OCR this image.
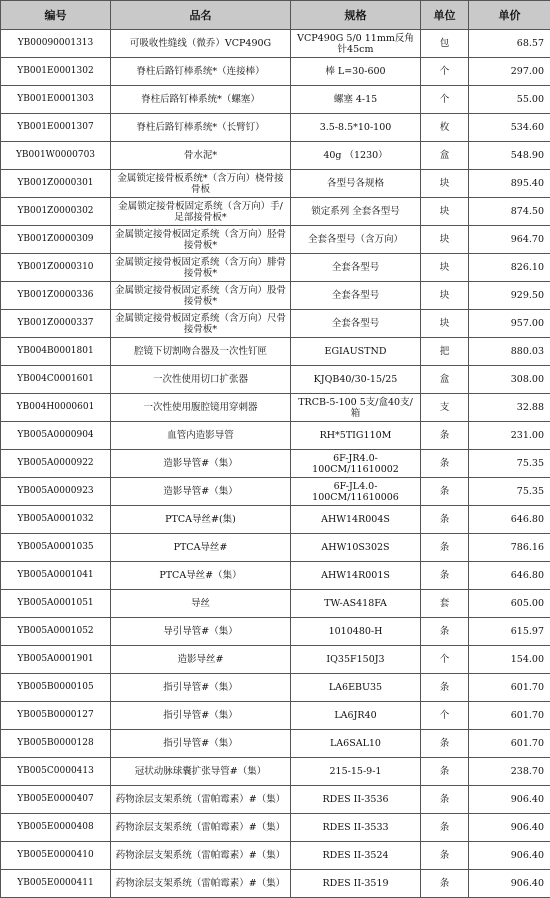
编号	品名	规格	单位	单价
YB00090001313	可吸收性缝线（微乔）VCP490G	VCP490G 5/0 11mm反角针45cm	包	68.57
YB001E0001302	脊柱后路钉棒系统*（连接棒）	棒 L=30-600	个	297.00
YB001E0001303	脊柱后路钉棒系统*（螺塞）	螺塞 4-15	个	55.00
YB001E0001307	脊柱后路钉棒系统*（长臂钉）	3.5-8.5*10-100	枚	534.60
YB001W0000703	骨水泥*	40g （1230）	盒	548.90
YB001Z0000301	金属锁定接骨板系统*（含万向）桡骨接骨板	各型号各规格	块	895.40
YB001Z0000302	金属锁定接骨板固定系统（含万向）手/足部接骨板*	锁定系列 全套各型号	块	874.50
YB001Z0000309	金属锁定接骨板固定系统（含万向）胫骨接骨板*	全套各型号（含万向）	块	964.70
YB001Z0000310	金属锁定接骨板固定系统（含万向）腓骨接骨板*	全套各型号	块	826.10
YB001Z0000336	金属锁定接骨板固定系统（含万向）股骨接骨板*	全套各型号	块	929.50
YB001Z0000337	金属锁定接骨板固定系统（含万向）尺骨接骨板*	全套各型号	块	957.00
YB004B0001801	腔镜下切割吻合器及一次性钉匣	EGIAUSTND	把	880.03
YB004C0001601	一次性使用切口扩张器	KJQB40/30-15/25	盒	308.00
YB004H0000601	一次性使用腹腔镜用穿刺器	TRCB-5-100 5支/盒40支/箱	支	32.88
YB005A0000904	血管内造影导管	RH*5TIG110M	条	231.00
YB005A0000922	造影导管#（集）	6F-JR4.0-100CM/11610002	条	75.35
YB005A0000923	造影导管#（集）	6F-JL4.0-100CM/11610006	条	75.35
YB005A0001032	PTCA导丝#(集)	AHW14R004S	条	646.80
YB005A0001035	PTCA导丝#	AHW10S302S	条	786.16
YB005A0001041	PTCA导丝#（集）	AHW14R001S	条	646.80
YB005A0001051	导丝	TW-AS418FA	套	605.00
YB005A0001052	导引导管#（集）	1010480-H	条	615.97
YB005A0001901	造影导丝#	IQ35F150J3	个	154.00
YB005B0000105	指引导管#（集）	LA6EBU35	条	601.70
YB005B0000127	指引导管#（集）	LA6JR40	个	601.70
YB005B0000128	指引导管#（集）	LA6SAL10	条	601.70
YB005C0000413	冠状动脉球囊扩张导管#（集）	215-15-9-1	条	238.70
YB005E0000407	药物涂层支架系统（雷帕霉素）#（集）	RDES II-3536	条	906.40
YB005E0000408	药物涂层支架系统（雷帕霉素）#（集）	RDES II-3533	条	906.40
YB005E0000410	药物涂层支架系统（雷帕霉素）#（集）	RDES II-3524	条	906.40
YB005E0000411	药物涂层支架系统（雷帕霉素）#（集）	RDES II-3519	条	906.40
